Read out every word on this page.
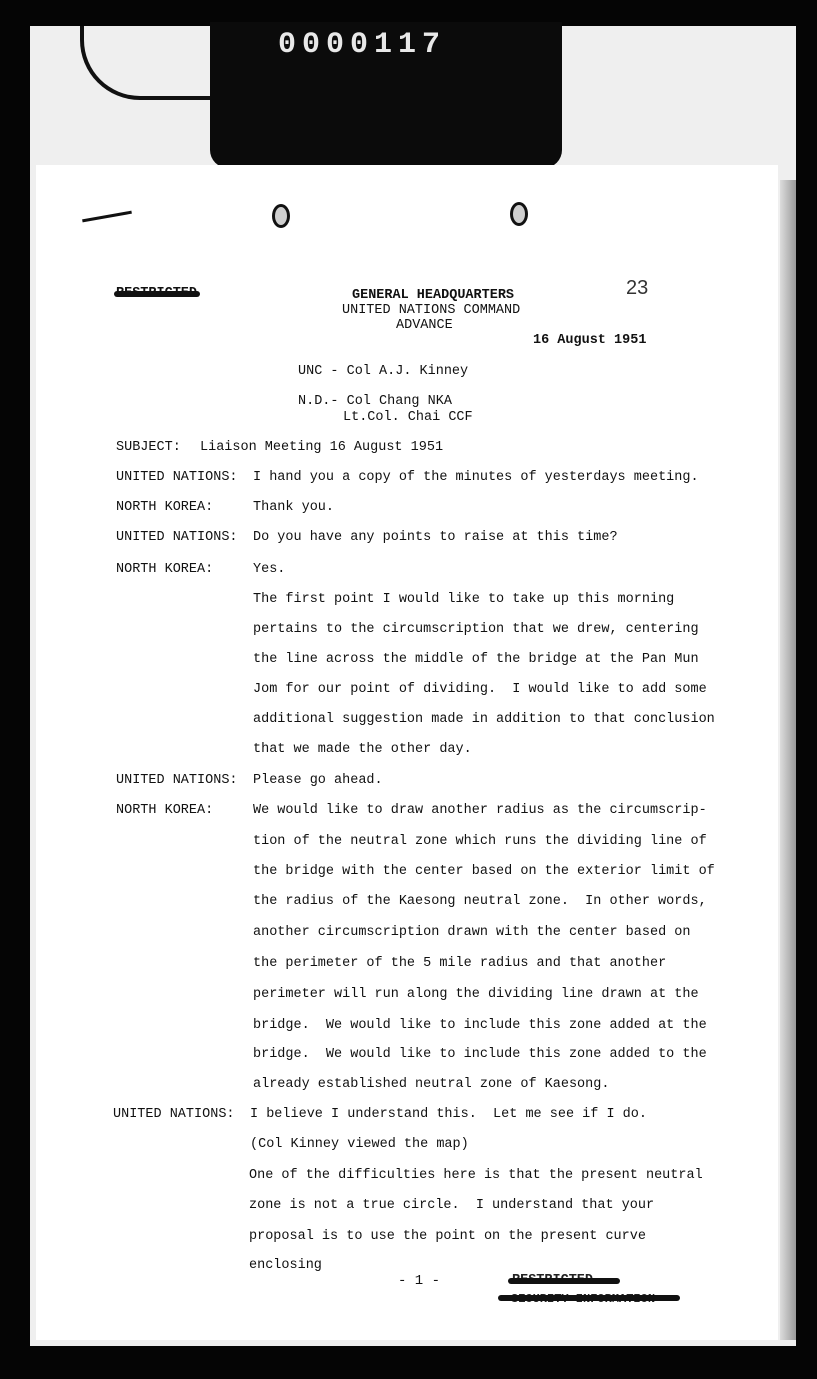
0000117
GENERAL HEADQUARTERS
UNITED NATIONS COMMAND
ADVANCE
23
16 August 1951
UNC - Col A.J. Kinney
N.D.- Col Chang NKA
Lt.Col. Chai CCF
SUBJECT: Liaison Meeting 16 August 1951
UNITED NATIONS: I hand you a copy of the minutes of yesterdays meeting.
NORTH KOREA:	Thank you.
UNITED NATIONS: Do you have any points to raise at this time?
NORTH KOREA:	Yes.
The first point I would like to take up this morning
pertains to the circumscription that we drew, centering
the line across the middle of the bridge at the Pan Mun
Jom for our point of dividing.  I would like to add some
additional suggestion made in addition to that conclusion
that we made the other day.
UNITED NATIONS: Please go ahead.
NORTH KOREA:	We would like to draw another radius as the circumscrip-
tion of the neutral zone which runs the dividing line of
the bridge with the center based on the exterior limit of
the radius of the Kaesong neutral zone.  In other words,
another circumscription drawn with the center based on
the perimeter of the 5 mile radius and that another
perimeter will run along the dividing line drawn at the
bridge.  We would like to include this zone added at the
bridge.  We would like to include this zone added to the
already established neutral zone of Kaesong.
UNITED NATIONS: I believe I understand this.  Let me see if I do.
(Col Kinney viewed the map)
One of the difficulties here is that the present neutral
zone is not a true circle.  I understand that your
proposal is to use the point on the present curve
enclosing
- 1 -
